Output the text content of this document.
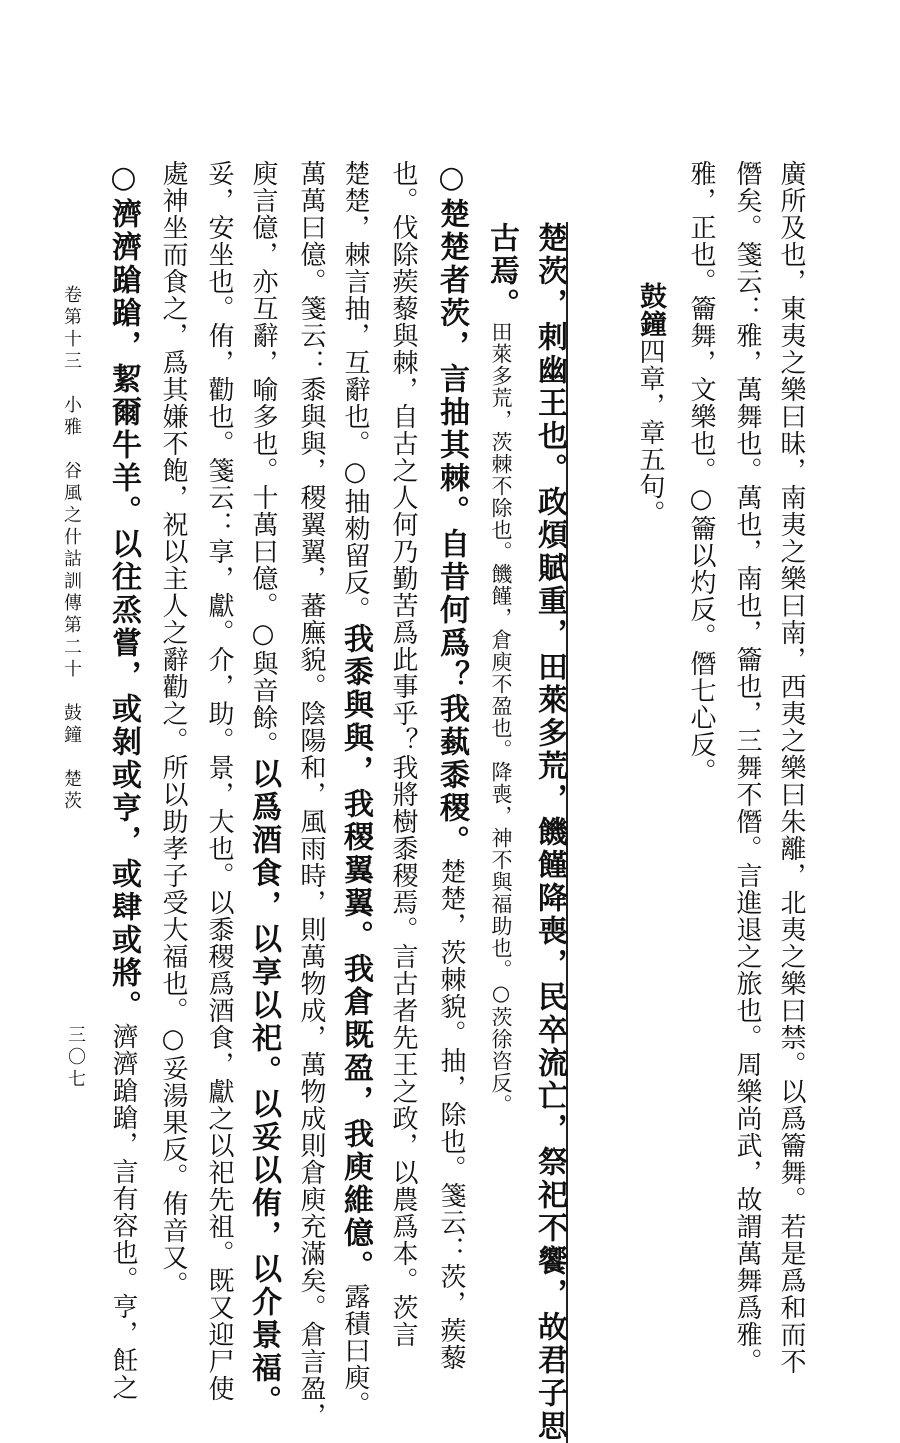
廣所及也，東夷之樂曰昧，南夷之樂曰南，西夷之樂曰朱離，北夷之樂曰禁。以爲籥舞。若是爲和而不
僭矣。箋云：雅，萬舞也。萬也，南也，籥也，三舞不僭。言進退之旅也。周樂尚武，故謂萬舞爲雅。
雅，正也。籥舞，文樂也。○籥以灼反。僭七心反。
鼓鐘四章，章五句。
楚茨，刺幽王也。政煩賦重，田萊多荒，饑饉降喪，民卒流亡，祭祀不饗，故君子思
古焉。田萊多荒，茨棘不除也。饑饉，倉庾不盈也。降喪，神不與福助也。○茨徐咨反。
○楚楚者茨，言抽其棘。自昔何爲？我蓺黍稷。楚楚，茨棘貌。抽，除也。箋云：茨，蒺藜
也。伐除蒺藜與棘，自古之人何乃勤苦爲此事乎？我將樹黍稷焉。言古者先王之政，以農爲本。茨言
楚楚，棘言抽，互辭也。○抽勑留反。我黍與與，我稷翼翼。我倉既盈，我庾維億。露積曰庾。
萬萬曰億。箋云：黍與與，稷翼翼，蕃廡貌。陰陽和，風雨時，則萬物成，萬物成則倉庾充滿矣。倉言盈，
庾言億，亦互辭，喻多也。十萬曰億。○與音餘。以爲酒食，以享以祀。以妥以侑，以介景福。
妥，安坐也。侑，勸也。箋云：享，獻。介，助。景，大也。以黍稷爲酒食，獻之以祀先祖。既又迎尸使
處神坐而食之，爲其嫌不飽，祝以主人之辭勸之。所以助孝子受大福也。○妥湯果反。侑音又。
○濟濟蹌蹌，絜爾牛羊。以往烝嘗，或剝或亨，或肆或將。濟濟蹌蹌，言有容也。亨，飪之
卷第十三　小雅　谷風之什詁訓傳第二十　鼓鐘　楚茨
三〇七
